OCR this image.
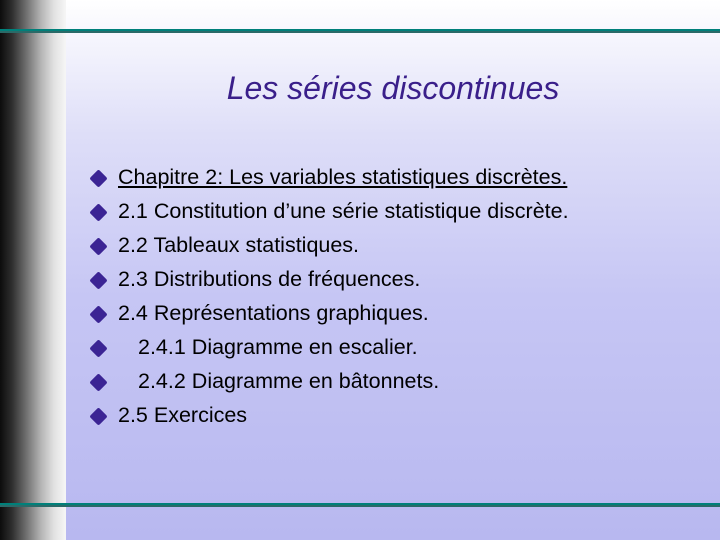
Les séries discontinues
Chapitre 2: Les variables statistiques discrètes.
2.1 Constitution d’une série statistique discrète.
2.2 Tableaux statistiques.
2.3 Distributions de fréquences.
2.4 Représentations graphiques.
2.4.1 Diagramme en escalier.
2.4.2 Diagramme en bâtonnets.
2.5 Exercices
